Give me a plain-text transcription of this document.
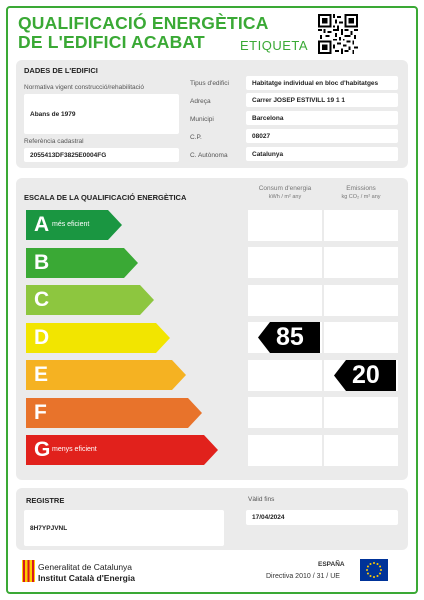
QUALIFICACIÓ ENERGÈTICA
DE L'EDIFICI ACABAT	ETIQUETA
DADES DE L'EDIFICI
Normativa vigent construcció/rehabilitació
Abans de 1979
Referència cadastral
2055413DF3825E0004FG
Tipus d'edifici	Habitatge individual en bloc d'habitatges
Adreça	Carrer JOSEP ESTIVILL 19 1 1
Municipi	Barcelona
C.P.	08027
C. Autònoma	Catalunya
ESCALA DE LA QUALIFICACIÓ ENERGÈTICA
Consum d'energia
kWh / m² any
Emissions
kg CO₂ / m² any
A més eficient
B
C
D
E
F
G menys eficient
85
20
REGISTRE
8H7YPJVNL
Vàlid fins
17/04/2024
Generalitat de Catalunya
Institut Català d'Energia
ESPAÑA
Directiva 2010 / 31 / UE
